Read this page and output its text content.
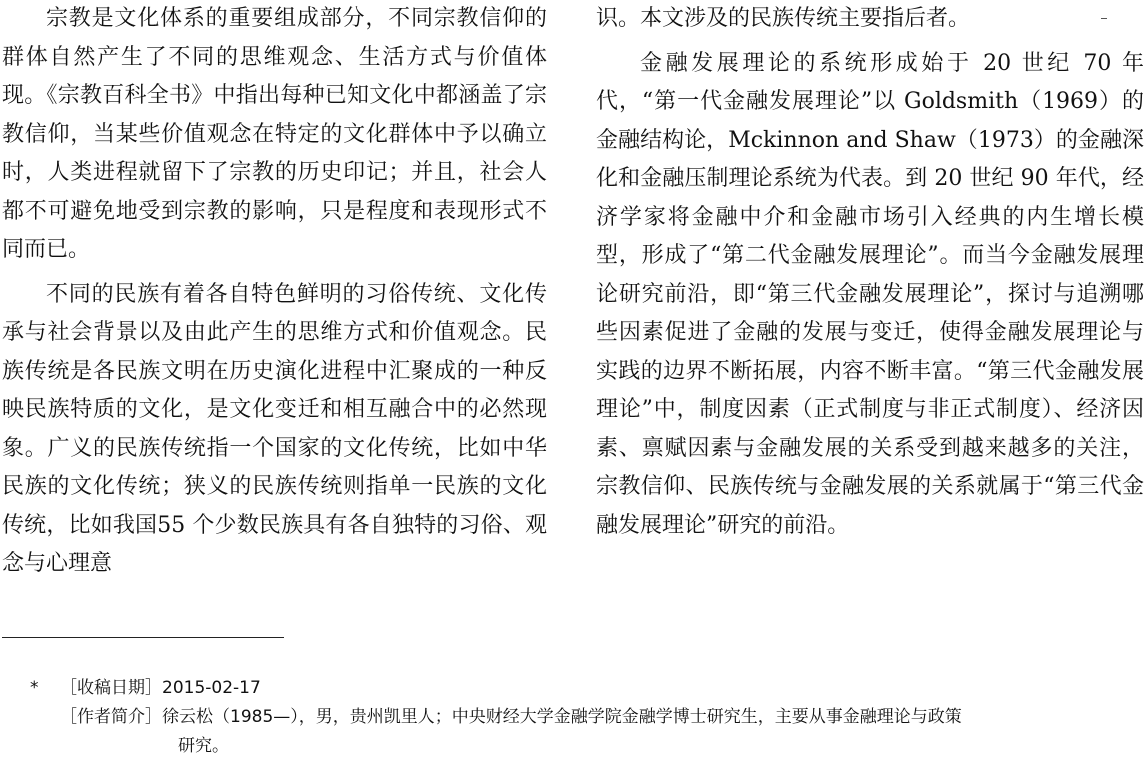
宗教是文化体系的重要组成部分，不同宗教信仰的群体自然产生了不同的思维观念、生活方式与价值体现。《宗教百科全书》中指出每种已知文化中都涵盖了宗教信仰，当某些价值观念在特定的文化群体中予以确立时，人类进程就留下了宗教的历史印记；并且，社会人都不可避免地受到宗教的影响，只是程度和表现形式不同而已。

不同的民族有着各自特色鲜明的习俗传统、文化传承与社会背景以及由此产生的思维方式和价值观念。民族传统是各民族文明在历史演化进程中汇聚成的一种反映民族特质的文化，是文化变迁和相互融合中的必然现象。广义的民族传统指一个国家的文化传统，比如中华民族的文化传统；狭义的民族传统则指单一民族的文化传统，比如我国55 个少数民族具有各自独特的习俗、观念与心理意

识。本文涉及的民族传统主要指后者。

金融发展理论的系统形成始于 20 世纪 70 年代，“第一代金融发展理论”以 Goldsmith（1969）的金融结构论，Mckinnon and Shaw（1973）的金融深化和金融压制理论系统为代表。到 20 世纪 90 年代，经济学家将金融中介和金融市场引入经典的内生增长模型，形成了“第二代金融发展理论”。而当今金融发展理论研究前沿，即“第三代金融发展理论”，探讨与追溯哪些因素促进了金融的发展与变迁，使得金融发展理论与实践的边界不断拓展，内容不断丰富。“第三代金融发展理论”中，制度因素（正式制度与非正式制度）、经济因素、禀赋因素与金融发展的关系受到越来越多的关注，宗教信仰、民族传统与金融发展的关系就属于“第三代金融发展理论”研究的前沿。

* ［收稿日期］2015-02-17
［作者简介］徐云松（1985—），男，贵州凯里人；中央财经大学金融学院金融学博士研究生，主要从事金融理论与政策
研究。
